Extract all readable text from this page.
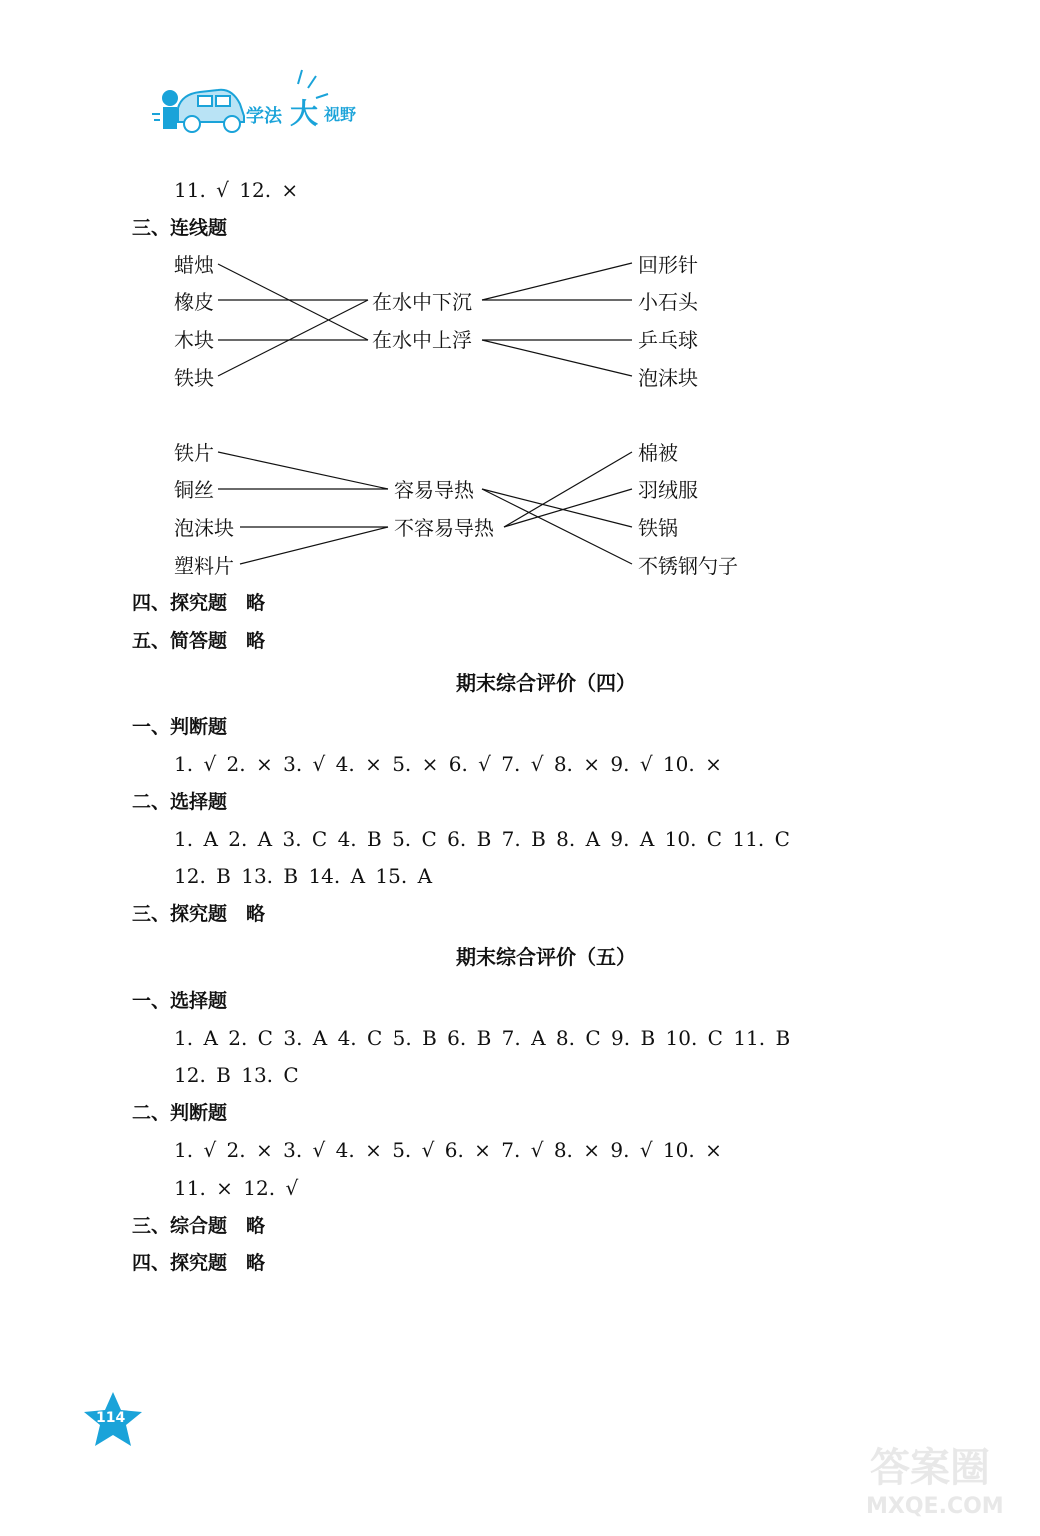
学法 大 视野
11. √ 12. ×
三、连线题
蜡烛
橡皮
木块
铁块
在水中下沉
在水中上浮
回形针
小石头
乒乓球
泡沫块
铁片
铜丝
泡沫块
塑料片
容易导热
不容易导热
棉被
羽绒服
铁锅
不锈钢勺子
四、探究题　略
五、简答题　略
期末综合评价（四）
一、判断题
1. √ 2. × 3. √ 4. × 5. × 6. √ 7. √ 8. × 9. √ 10. ×
二、选择题
1. A 2. A 3. C 4. B 5. C 6. B 7. B 8. A 9. A 10. C 11. C
12. B 13. B 14. A 15. A
三、探究题　略
期末综合评价（五）
一、选择题
1. A 2. C 3. A 4. C 5. B 6. B 7. A 8. C 9. B 10. C 11. B
12. B 13. C
二、判断题
1. √ 2. × 3. √ 4. × 5. √ 6. × 7. √ 8. × 9. √ 10. ×
11. × 12. √
三、综合题　略
四、探究题　略
114
答案圈
MXQE.COM
